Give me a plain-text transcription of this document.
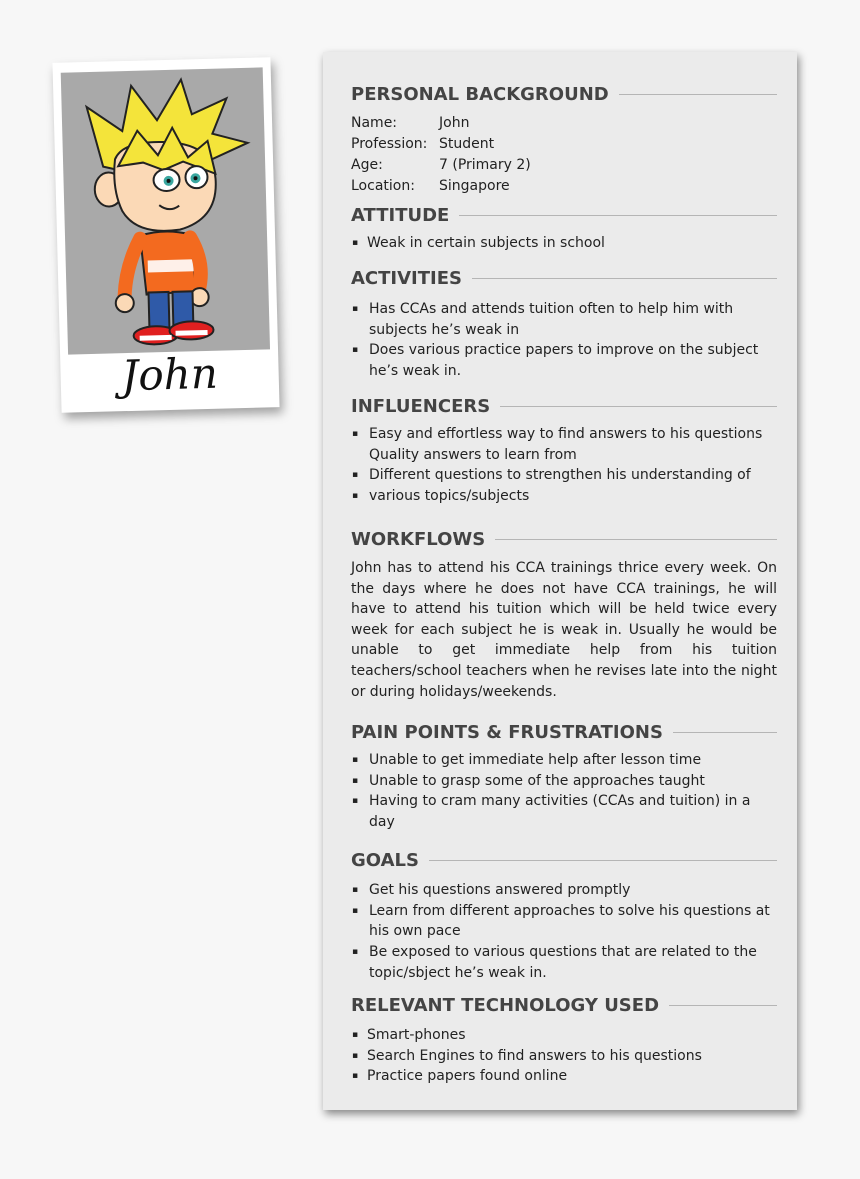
John
PERSONAL BACKGROUND
Name:	John
Profession: Student
Age:	7 (Primary 2)
Location:	Singapore
ATTITUDE
▪ Weak in certain subjects in school
ACTIVITIES
▪ Has CCAs and attends tuition often to help him with subjects he’s weak in
▪ Does various practice papers to improve on the subject he’s weak in.
INFLUENCERS
▪ Easy and effortless way to find answers to his questions Quality answers to learn from
▪ Different questions to strengthen his understanding of
▪ various topics/subjects
WORKFLOWS

John has to attend his CCA trainings thrice every week. On the days where he does not have CCA trainings, he will have to attend his tuition which will be held twice every week for each subject he is weak in. Usually he would be unable to get immediate help from his tuition teachers/school teachers when he revises late into the night or during holidays/weekends.

PAIN POINTS & FRUSTRATIONS
▪ Unable to get immediate help after lesson time
▪ Unable to grasp some of the approaches taught
▪ Having to cram many activities (CCAs and tuition) in a day
GOALS
▪ Get his questions answered promptly
▪ Learn from different approaches to solve his questions at his own pace
▪ Be exposed to various questions that are related to the topic/sbject he’s weak in.
RELEVANT TECHNOLOGY USED
▪ Smart-phones
▪ Search Engines to find answers to his questions
▪ Practice papers found online
